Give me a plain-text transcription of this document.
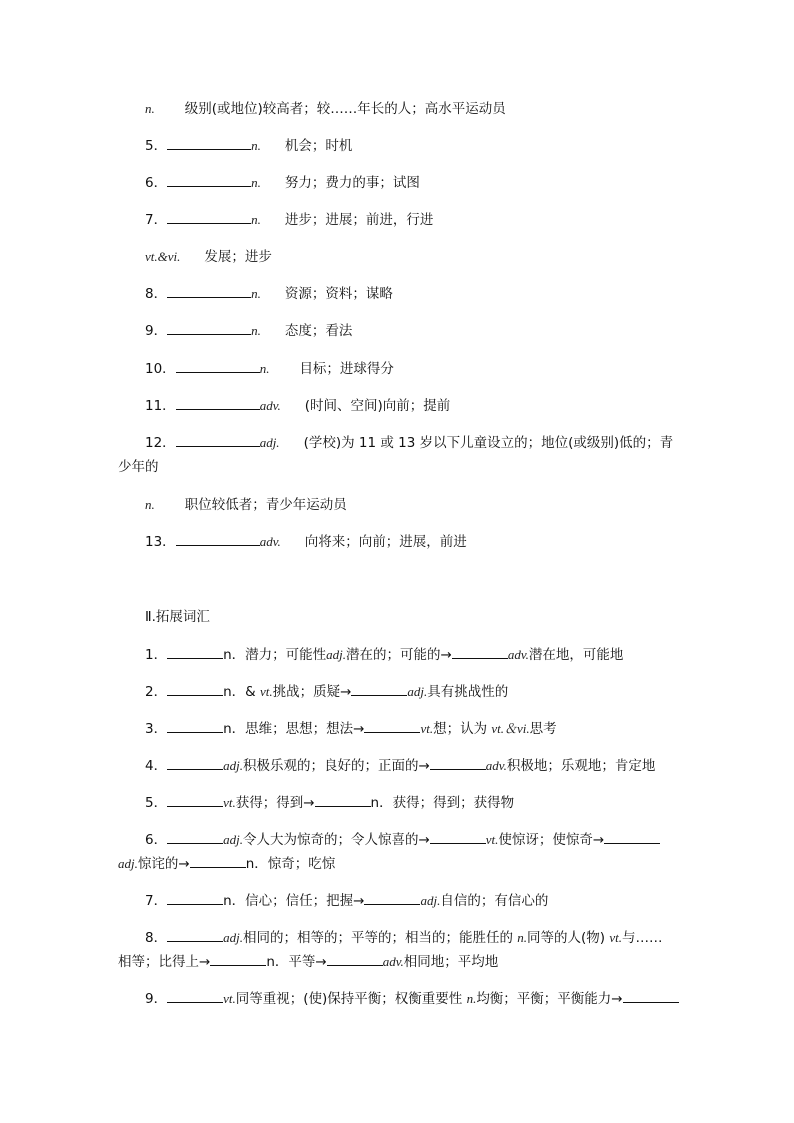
n. 级别(或地位)较高者；较……年长的人；高水平运动员
5．	n. 机会；时机
6．	n. 努力；费力的事；试图
7．	n. 进步；进展；前进，行进
vt.&vi. 发展；进步
8．	n. 资源；资料；谋略
9．	n. 态度；看法
10．	n. 目标；进球得分
11．	adv. (时间、空间)向前；提前
12．	adj. (学校)为 11 或 13 岁以下儿童设立的；地位(或级别)低的；青
少年的
n. 职位较低者；青少年运动员
13．	adv. 向将来；向前；进展，前进
Ⅱ.拓展词汇
1．	n．潜力；可能性adj.潜在的；可能的→	adv.潜在地，可能地
2．	n．& vt.挑战；质疑→	adj.具有挑战性的
3．	n．思维；思想；想法→	vt.想；认为 vt.＆vi.思考
4．	adj.积极乐观的；良好的；正面的→	adv.积极地；乐观地；肯定地
5．	vt.获得；得到→	n．获得；得到；获得物
6．	adj.令人大为惊奇的；令人惊喜的→	vt.使惊讶；使惊奇→
adj.惊诧的→	n．惊奇；吃惊
7．	n．信心；信任；把握→	adj.自信的；有信心的
8．	adj.相同的；相等的；平等的；相当的；能胜任的 n.同等的人(物) vt.与……
相等；比得上→	n．平等→	adv.相同地；平均地
9．	vt.同等重视；(使)保持平衡；权衡重要性 n.均衡；平衡；平衡能力→
